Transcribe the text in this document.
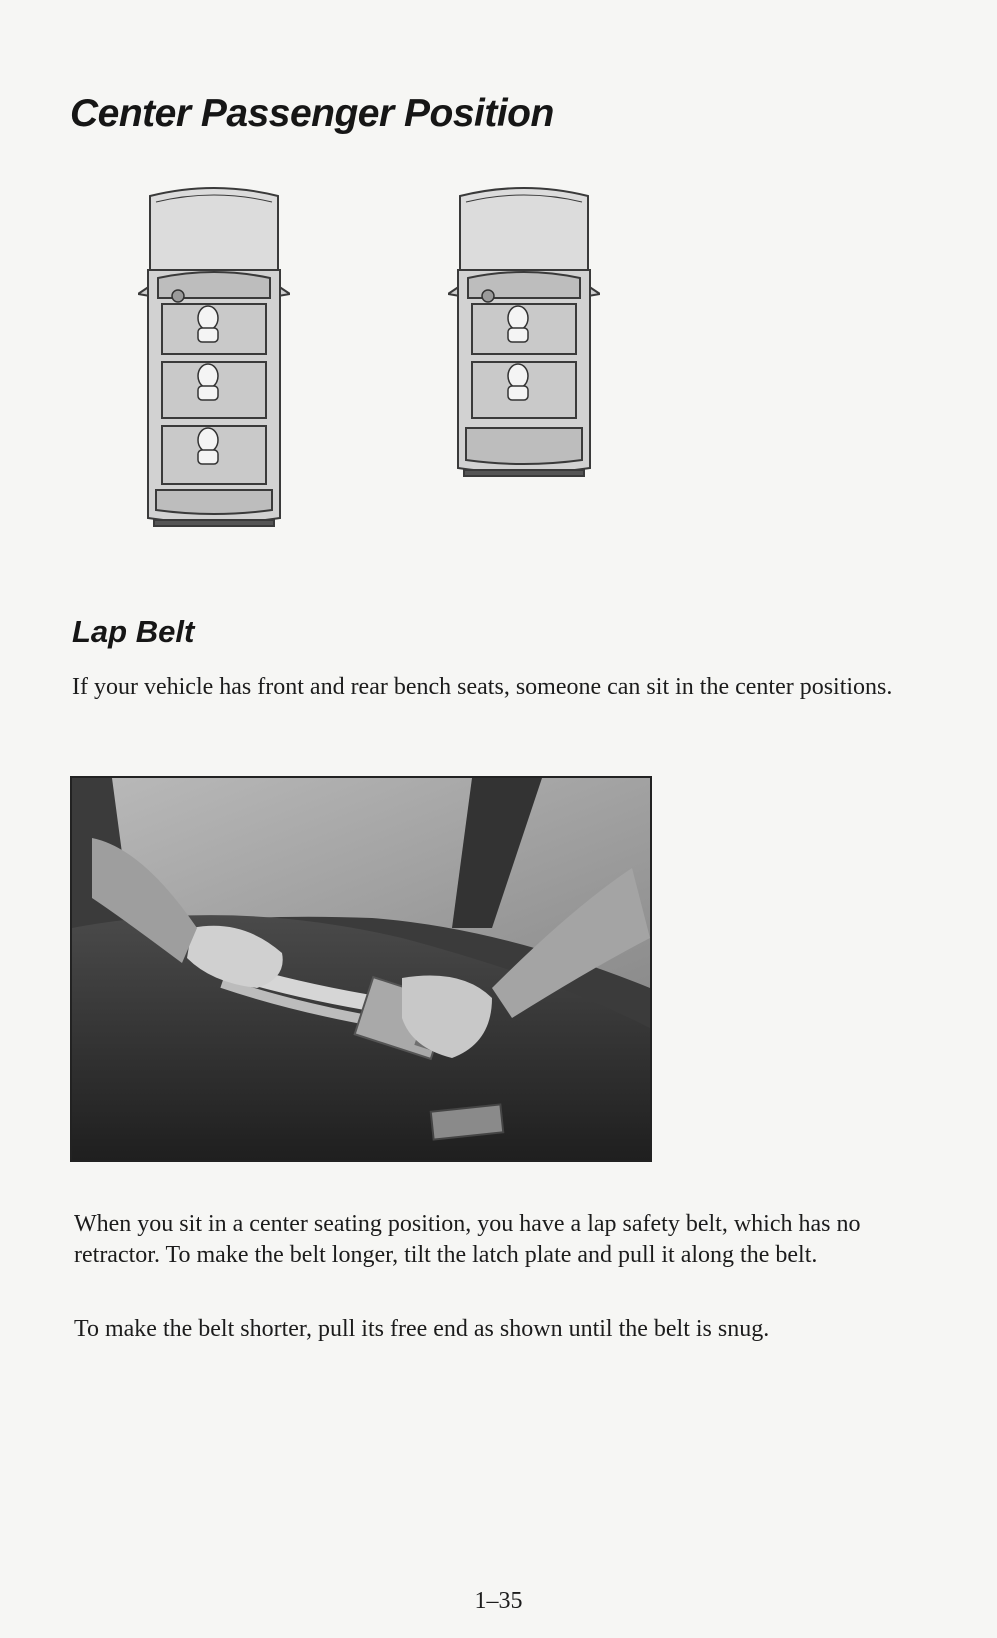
Center Passenger Position
Lap Belt

If your vehicle has front and rear bench seats, someone can sit in the center positions.

When you sit in a center seating position, you have a lap safety belt, which has no retractor. To make the belt longer, tilt the latch plate and pull it along the belt.

To make the belt shorter, pull its free end as shown until the belt is snug.

1–35
